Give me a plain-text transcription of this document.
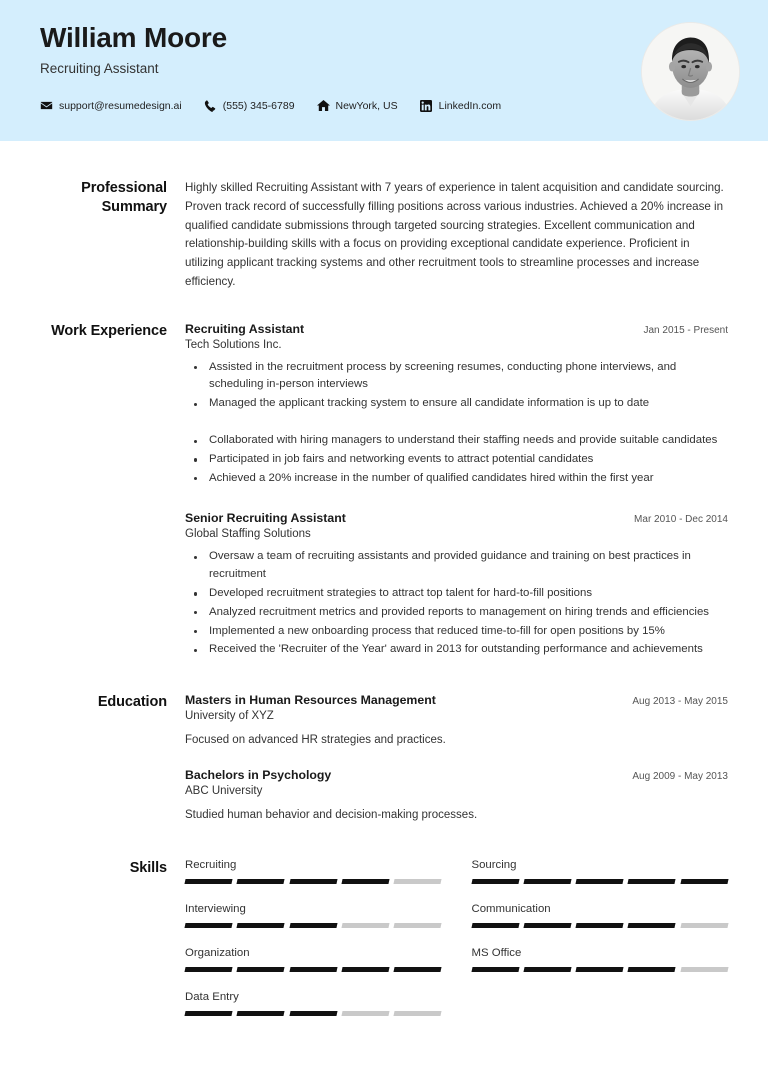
William Moore
Recruiting Assistant
support@resumedesign.ai	(555) 345-6789	NewYork, US	LinkedIn.com
Professional Summary
Highly skilled Recruiting Assistant with 7 years of experience in talent acquisition and candidate sourcing. Proven track record of successfully filling positions across various industries. Achieved a 20% increase in qualified candidate submissions through targeted sourcing strategies. Excellent communication and relationship-building skills with a focus on providing exceptional candidate experience. Proficient in utilizing applicant tracking systems and other recruitment tools to streamline processes and increase efficiency.
Work Experience	Recruiting Assistant	Jan 2015 - Present
Tech Solutions Inc.
Assisted in the recruitment process by screening resumes, conducting phone interviews, and scheduling in-person interviews
Managed the applicant tracking system to ensure all candidate information is up to date
Collaborated with hiring managers to understand their staffing needs and provide suitable candidates
Participated in job fairs and networking events to attract potential candidates
Achieved a 20% increase in the number of qualified candidates hired within the first year
Senior Recruiting Assistant	Mar 2010 - Dec 2014
Global Staffing Solutions
Oversaw a team of recruiting assistants and provided guidance and training on best practices in recruitment
Developed recruitment strategies to attract top talent for hard-to-fill positions
Analyzed recruitment metrics and provided reports to management on hiring trends and efficiencies
Implemented a new onboarding process that reduced time-to-fill for open positions by 15%
Received the 'Recruiter of the Year' award in 2013 for outstanding performance and achievements
Education	Masters in Human Resources Management	Aug 2013 - May 2015
University of XYZ
Focused on advanced HR strategies and practices.
Bachelors in Psychology	Aug 2009 - May 2013
ABC University
Studied human behavior and decision-making processes.
Skills	Recruiting	Sourcing
Interviewing	Communication
Organization	MS Office
Data Entry
